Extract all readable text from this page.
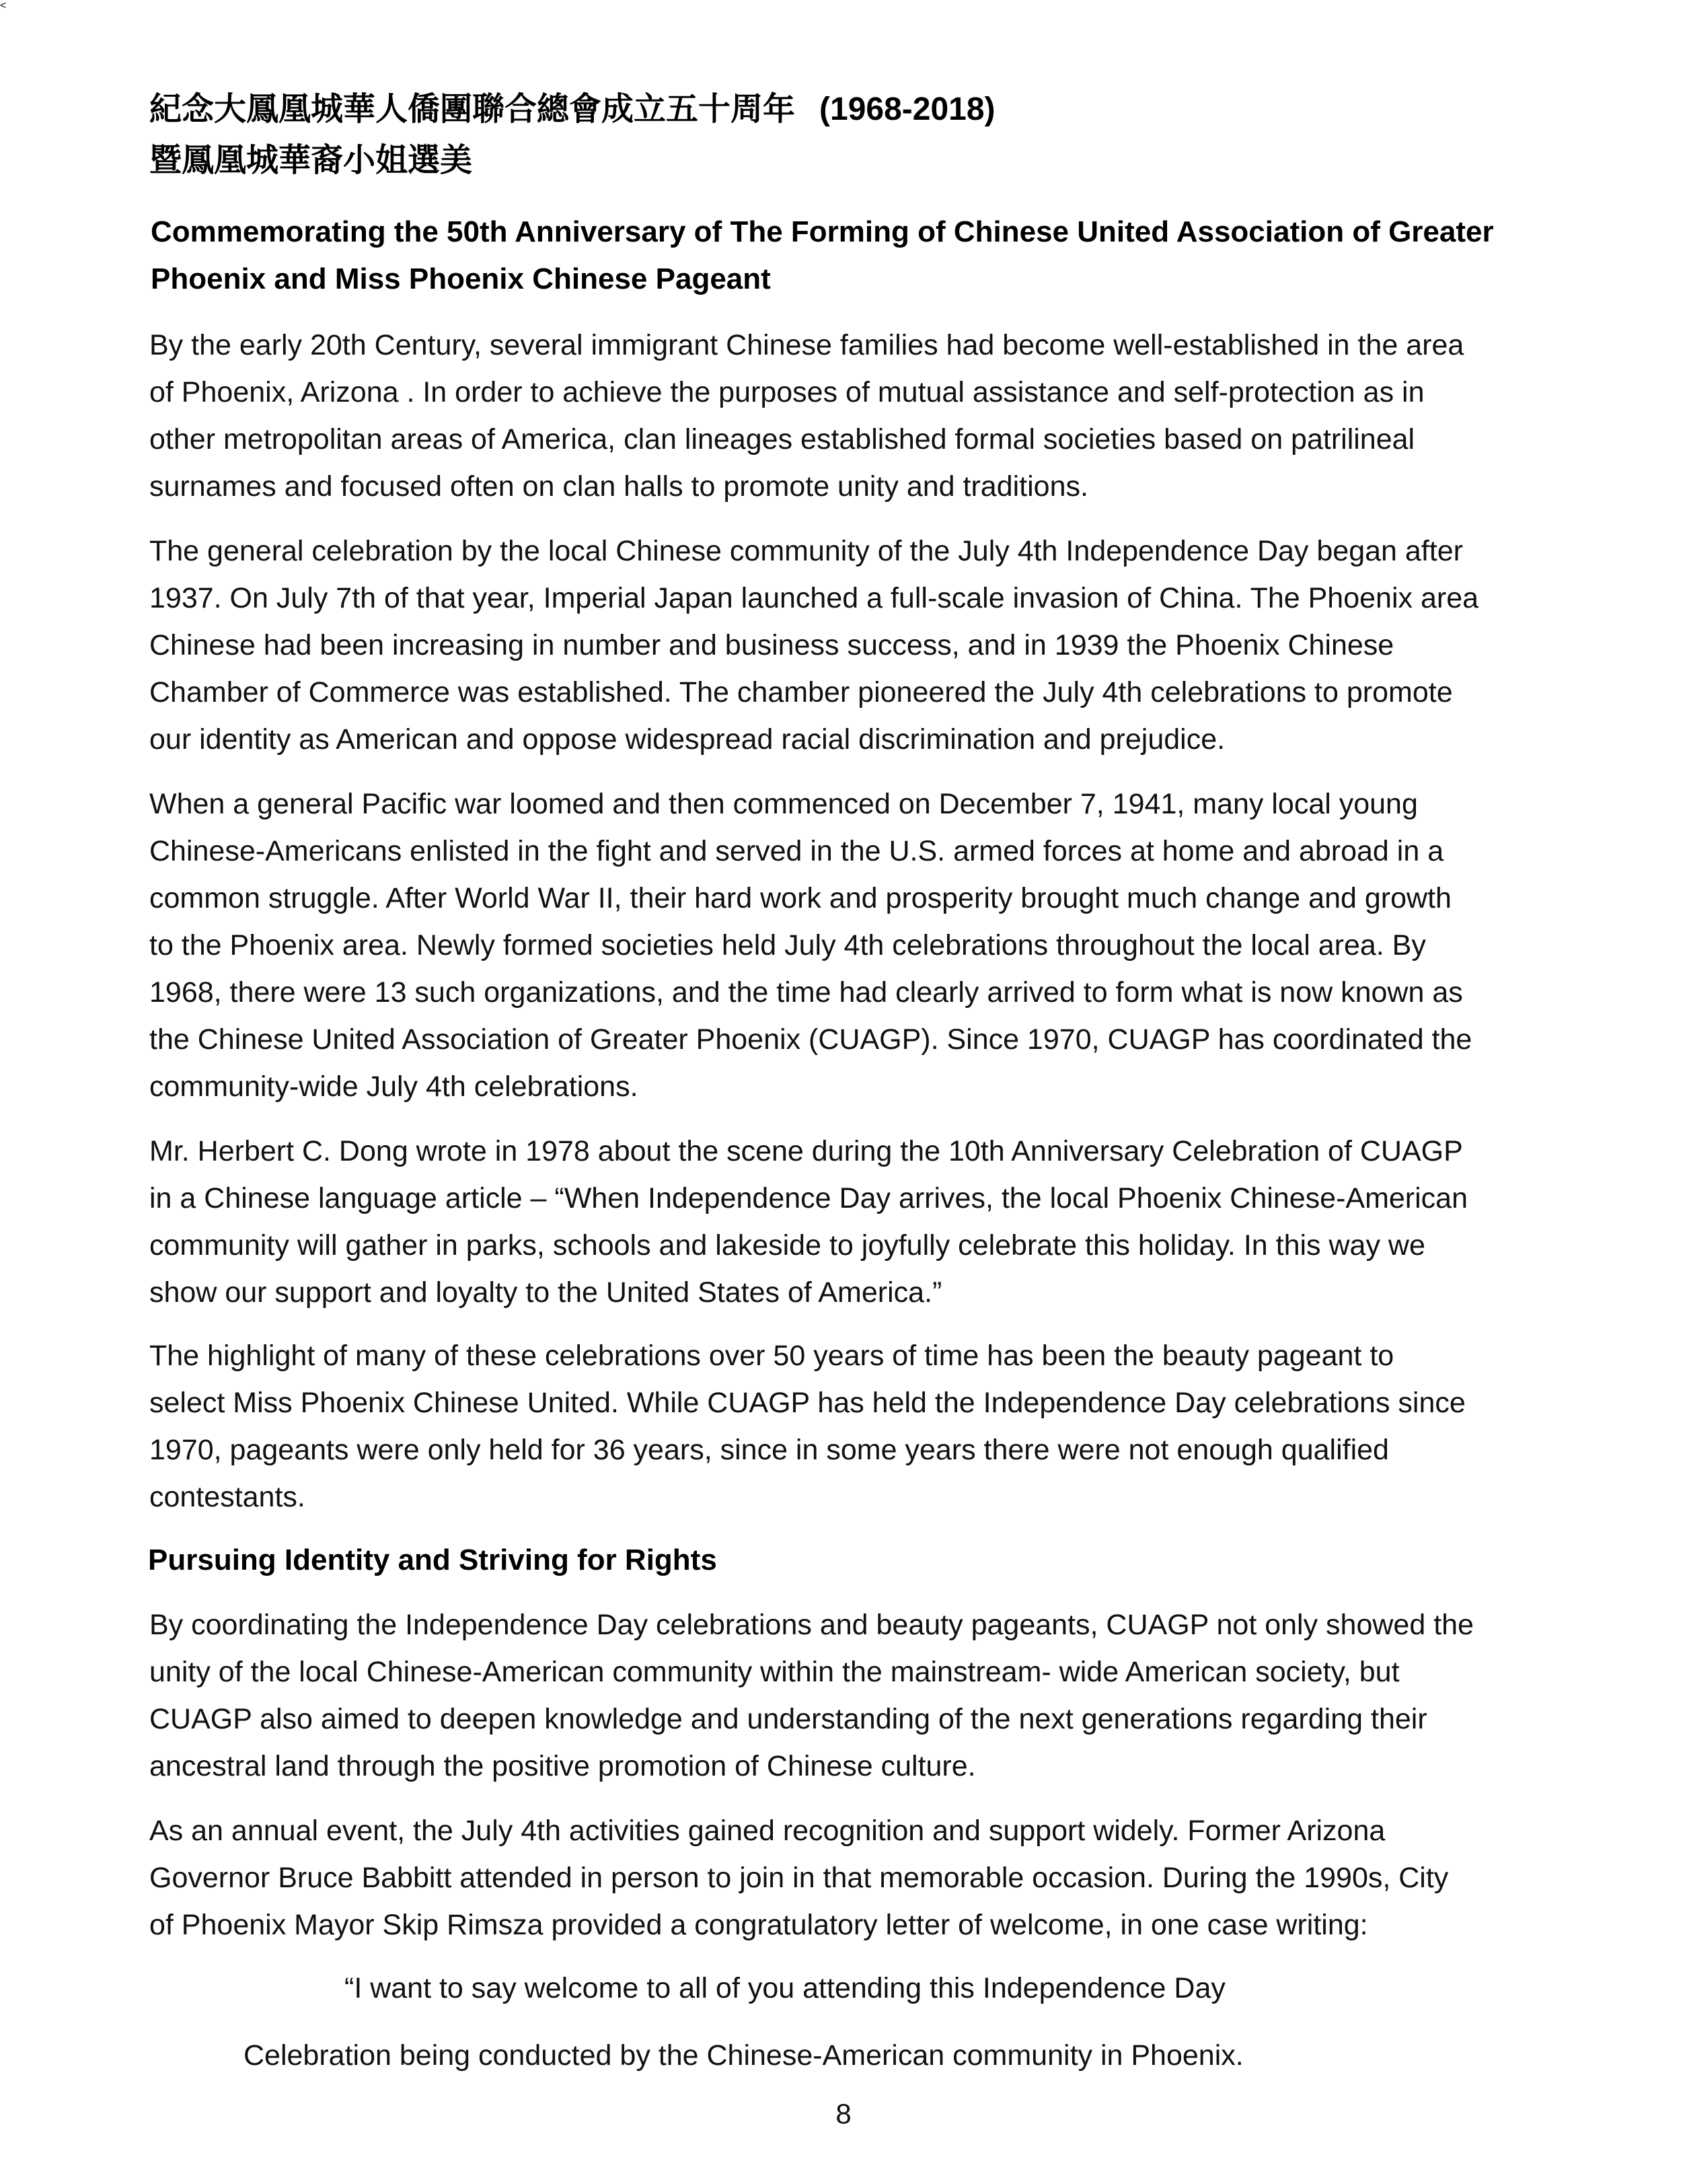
紀念大鳳凰城華人僑團聯合總會成立五十周年 (1968-2018)
暨鳳凰城華裔小姐選美
Commemorating the 50th Anniversary of The Forming of Chinese United Association of Greater
Phoenix and Miss Phoenix Chinese Pageant
By the early 20th Century, several immigrant Chinese families had become well-established in the area
of Phoenix, Arizona . In order to achieve the purposes of mutual assistance and self-protection as in
other metropolitan areas of America, clan lineages established formal societies based on patrilineal
surnames and focused often on clan halls to promote unity and traditions.
The general celebration by the local Chinese community of the July 4th Independence Day began after
1937. On July 7th of that year, Imperial Japan launched a full-scale invasion of China. The Phoenix area
Chinese had been increasing in number and business success, and in 1939 the Phoenix Chinese
Chamber of Commerce was established. The chamber pioneered the July 4th celebrations to promote
our identity as American and oppose widespread racial discrimination and prejudice.
When a general Pacific war loomed and then commenced on December 7, 1941, many local young
Chinese-Americans enlisted in the fight and served in the U.S. armed forces at home and abroad in a
common struggle. After World War II, their hard work and prosperity brought much change and growth
to the Phoenix area. Newly formed societies held July 4th celebrations throughout the local area. By
1968, there were 13 such organizations, and the time had clearly arrived to form what is now known as
the Chinese United Association of Greater Phoenix (CUAGP). Since 1970, CUAGP has coordinated the
community-wide July 4th celebrations.
Mr. Herbert C. Dong wrote in 1978 about the scene during the 10th Anniversary Celebration of CUAGP
in a Chinese language article – “When Independence Day arrives, the local Phoenix Chinese-American
community will gather in parks, schools and lakeside to joyfully celebrate this holiday. In this way we
show our support and loyalty to the United States of America.”
<
The highlight of many of these celebrations over 50 years of time has been the beauty pageant to
select Miss Phoenix Chinese United. While CUAGP has held the Independence Day celebrations since
1970, pageants were only held for 36 years, since in some years there were not enough qualified
contestants.
Pursuing Identity and Striving for Rights
By coordinating the Independence Day celebrations and beauty pageants, CUAGP not only showed the
unity of the local Chinese-American community within the mainstream- wide American society, but
CUAGP also aimed to deepen knowledge and understanding of the next generations regarding their
ancestral land through the positive promotion of Chinese culture.
As an annual event, the July 4th activities gained recognition and support widely. Former Arizona
Governor Bruce Babbitt attended in person to join in that memorable occasion. During the 1990s, City
of Phoenix Mayor Skip Rimsza provided a congratulatory letter of welcome, in one case writing:
“I want to say welcome to all of you attending this Independence Day
Celebration being conducted by the Chinese-American community in Phoenix.
8
